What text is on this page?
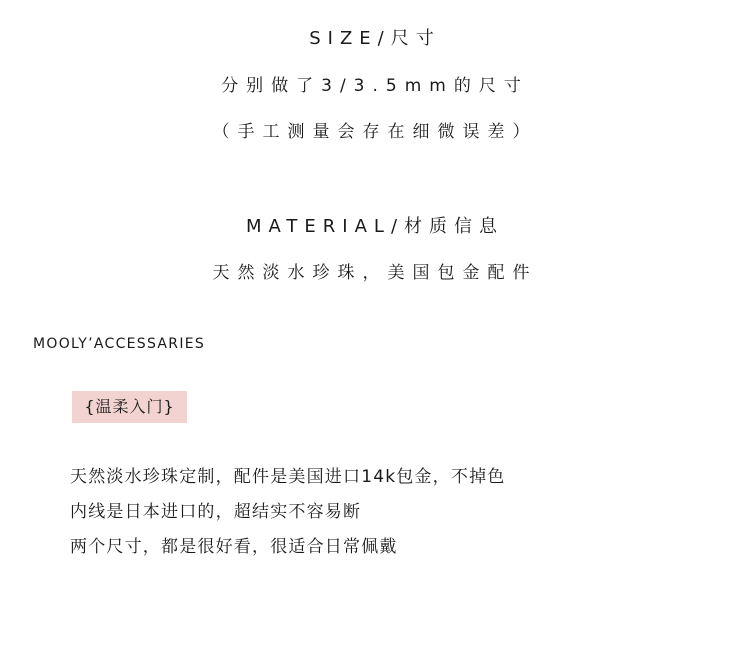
SIZE/尺寸
分别做了3/3.5mm的尺寸
（手工测量会存在细微误差）
MATERIAL/材质信息
天然淡水珍珠，美国包金配件
MOOLY’ACCESSARIES
{温柔入门}
天然淡水珍珠定制，配件是美国进口14k包金，不掉色
内线是日本进口的，超结实不容易断
两个尺寸，都是很好看，很适合日常佩戴
